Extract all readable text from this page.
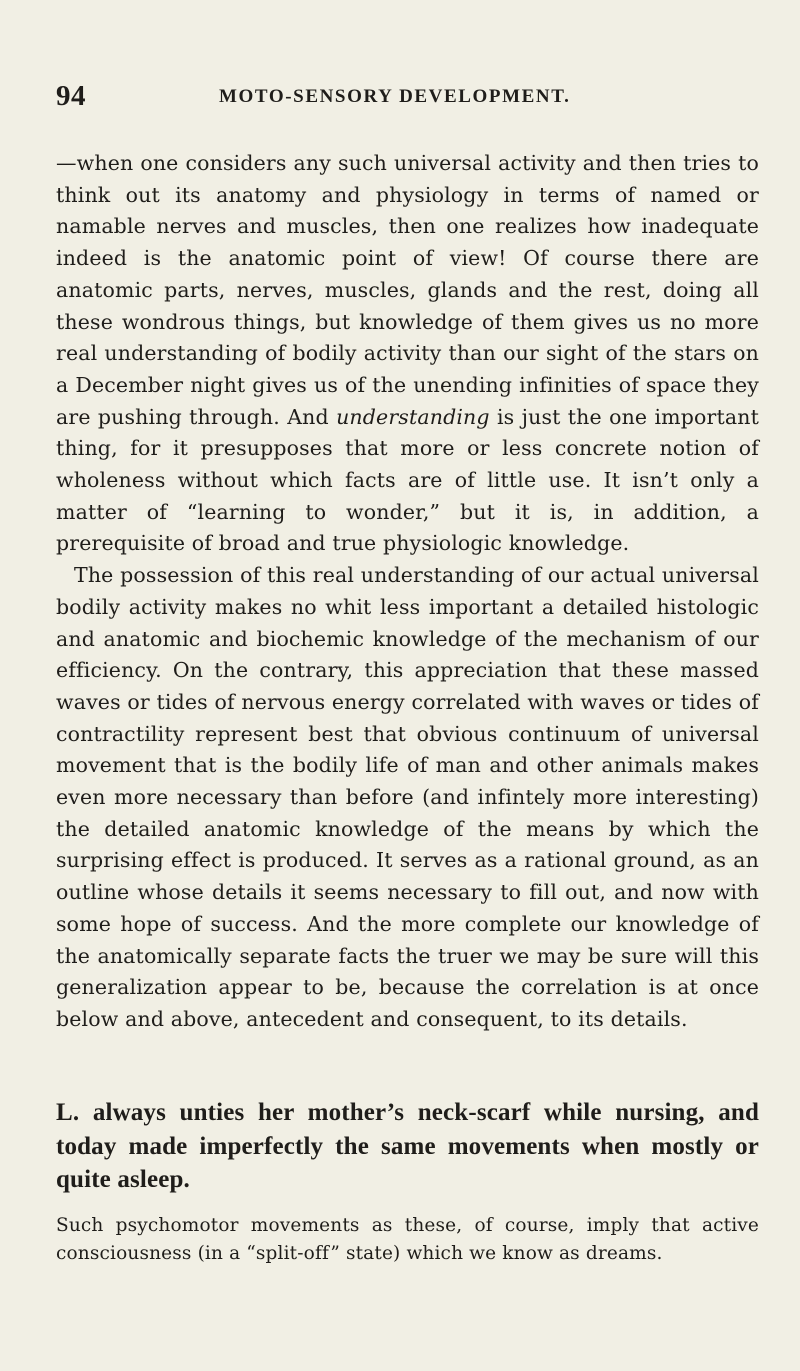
94	MOTO-SENSORY DEVELOPMENT.

—when one considers any such universal activity and then tries to think out its anatomy and physiology in terms of named or namable nerves and muscles, then one realizes how inadequate indeed is the anatomic point of view! Of course there are anatomic parts, nerves, muscles, glands and the rest, doing all these wondrous things, but knowledge of them gives us no more real understanding of bodily activity than our sight of the stars on a December night gives us of the unending infinities of space they are pushing through. And understanding is just the one important thing, for it presupposes that more or less concrete notion of wholeness without which facts are of little use. It isn’t only a matter of “learning to wonder,” but it is, in addition, a prerequisite of broad and true physiologic knowledge.

The possession of this real understanding of our actual universal bodily activity makes no whit less important a detailed histologic and anatomic and biochemic knowledge of the mechanism of our efficiency. On the contrary, this appreciation that these massed waves or tides of nervous energy correlated with waves or tides of contractility represent best that obvious continuum of universal movement that is the bodily life of man and other animals makes even more necessary than before (and infintely more interesting) the detailed anatomic knowledge of the means by which the surprising effect is produced. It serves as a rational ground, as an outline whose details it seems necessary to fill out, and now with some hope of success. And the more complete our knowledge of the anatomically separate facts the truer we may be sure will this generalization appear to be, because the correlation is at once below and above, antecedent and consequent, to its details.

L. always unties her mother’s neck-scarf while nursing, and today made imperfectly the same movements when mostly or quite asleep.
Such psychomotor movements as these, of course, imply that active consciousness (in a “split-off” state) which we know as dreams.
